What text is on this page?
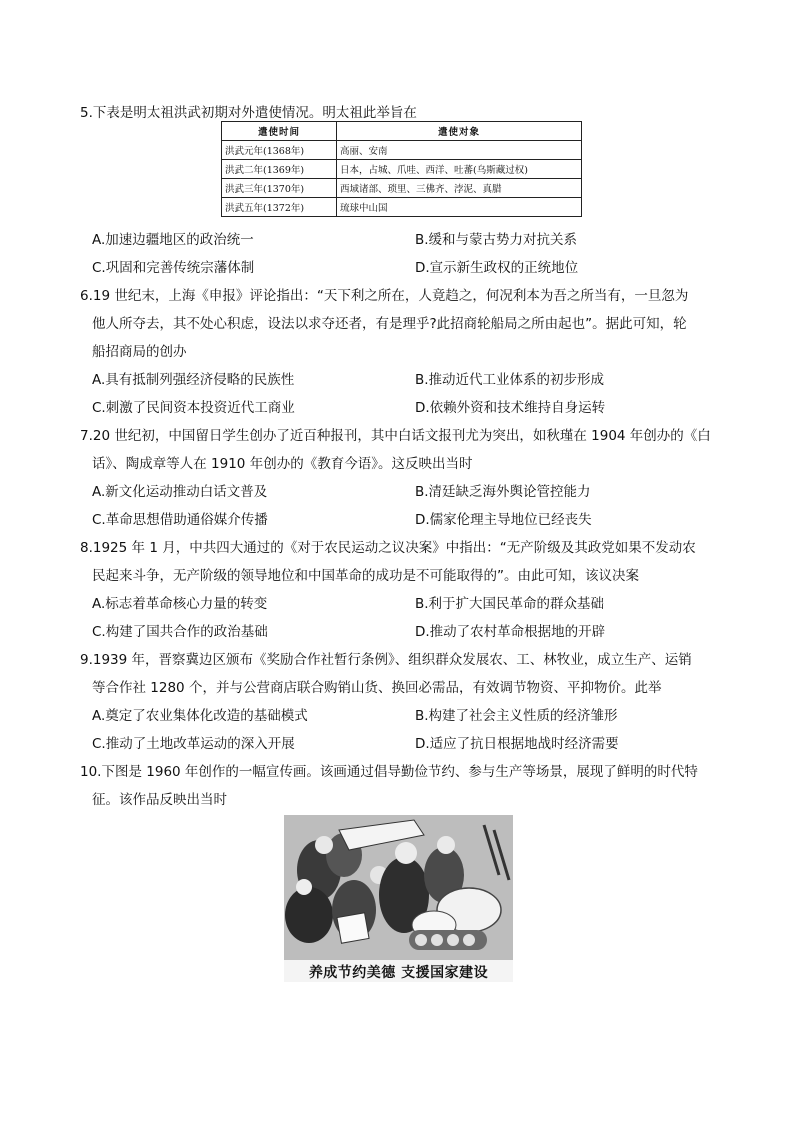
5.下表是明太祖洪武初期对外遣使情况。明太祖此举旨在
遣使时间	遣使对象
洪武元年(1368年)	高丽、安南
洪武二年(1369年)	日本，占城、爪哇、西洋、吐蕃(乌斯藏过权)
洪武三年(1370年)	西域诸部、琐里、三佛齐、浡泥、真腊
洪武五年(1372年)	琉球中山国
A.加速边疆地区的政治统一	B.缓和与蒙古势力对抗关系
C.巩固和完善传统宗藩体制	D.宣示新生政权的正统地位
6.19 世纪末，上海《申报》评论指出：“天下利之所在，人竟趋之，何况利本为吾之所当有，一旦忽为
他人所夺去，其不处心积虑，设法以求夺还者，有是理乎?此招商轮船局之所由起也”。据此可知，轮
船招商局的创办
A.具有抵制列强经济侵略的民族性	B.推动近代工业体系的初步形成
C.刺激了民间资本投资近代工商业	D.依赖外资和技术维持自身运转
7.20 世纪初，中国留日学生创办了近百种报刊，其中白话文报刊尤为突出，如秋瑾在 1904 年创办的《白
话》、陶成章等人在 1910 年创办的《教育今语》。这反映出当时
A.新文化运动推动白话文普及	B.清廷缺乏海外舆论管控能力
C.革命思想借助通俗媒介传播	D.儒家伦理主导地位已经丧失
8.1925 年 1 月，中共四大通过的《对于农民运动之议决案》中指出：“无产阶级及其政党如果不发动农
民起来斗争，无产阶级的领导地位和中国革命的成功是不可能取得的”。由此可知，该议决案
A.标志着革命核心力量的转变	B.利于扩大国民革命的群众基础
C.构建了国共合作的政治基础	D.推动了农村革命根据地的开辟
9.1939 年，晋察冀边区颁布《奖励合作社暂行条例》、组织群众发展农、工、林牧业，成立生产、运销
等合作社 1280 个，并与公营商店联合购销山货、换回必需品，有效调节物资、平抑物价。此举
A.奠定了农业集体化改造的基础模式	B.构建了社会主义性质的经济雏形
C.推动了土地改革运动的深入开展	D.适应了抗日根据地战时经济需要
10.下图是 1960 年创作的一幅宣传画。该画通过倡导勤俭节约、参与生产等场景，展现了鲜明的时代特
征。该作品反映出当时
养成节约美德 支援国家建设
